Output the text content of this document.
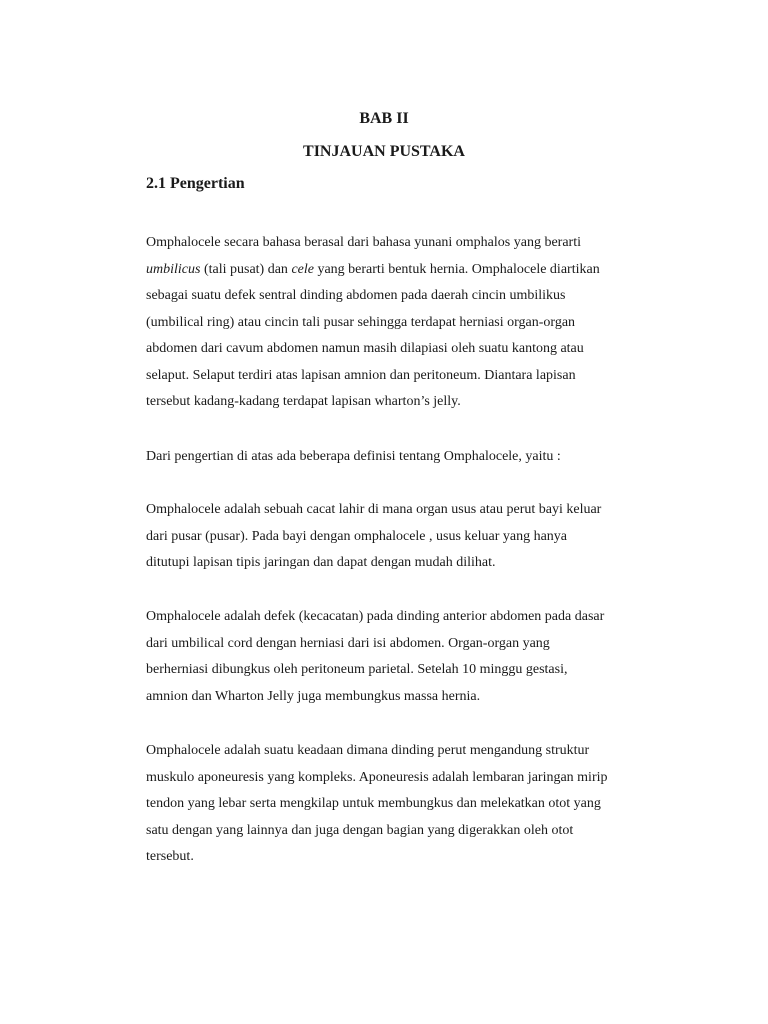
BAB II
TINJAUAN PUSTAKA
2.1 Pengertian

Omphalocele secara bahasa berasal dari bahasa yunani omphalos yang berarti
umbilicus (tali pusat) dan cele yang berarti bentuk hernia. Omphalocele diartikan
sebagai suatu defek sentral dinding abdomen pada daerah cincin umbilikus
(umbilical ring) atau cincin tali pusar sehingga terdapat herniasi organ-organ
abdomen dari cavum abdomen namun masih dilapiasi oleh suatu kantong atau
selaput. Selaput terdiri atas lapisan amnion dan peritoneum. Diantara lapisan
tersebut kadang-kadang terdapat lapisan wharton’s jelly.

Dari pengertian di atas ada beberapa definisi tentang Omphalocele, yaitu :

Omphalocele adalah sebuah cacat lahir di mana organ usus atau perut bayi keluar
dari pusar (pusar). Pada bayi dengan omphalocele , usus keluar yang hanya
ditutupi lapisan tipis jaringan dan dapat dengan mudah dilihat.

Omphalocele adalah defek (kecacatan) pada dinding anterior abdomen pada dasar
dari umbilical cord dengan herniasi dari isi abdomen. Organ-organ yang
berherniasi dibungkus oleh peritoneum parietal. Setelah 10 minggu gestasi,
amnion dan Wharton Jelly juga membungkus massa hernia.

Omphalocele adalah suatu keadaan dimana dinding perut mengandung struktur
muskulo aponeuresis yang kompleks. Aponeuresis adalah lembaran jaringan mirip
tendon yang lebar serta mengkilap untuk membungkus dan melekatkan otot yang
satu dengan yang lainnya dan juga dengan bagian yang digerakkan oleh otot
tersebut.
